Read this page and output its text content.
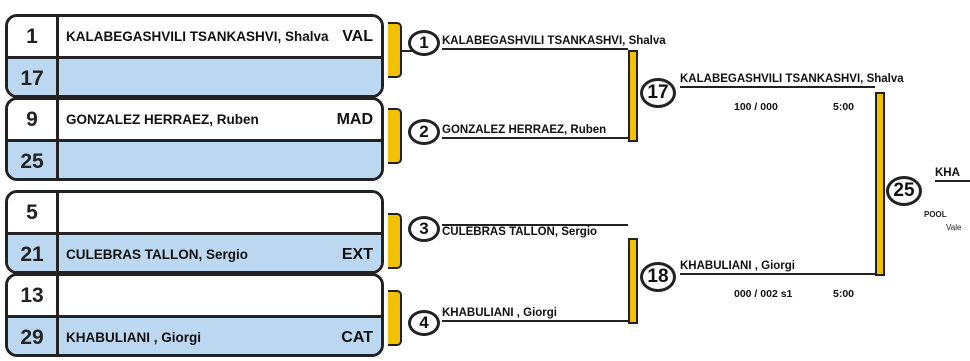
1	KALABEGASHVILI TSANKASHVI, Shalva VAL
17
9	GONZALEZ HERRAEZ, Ruben	MAD
25
5
21	CULEBRAS TALLON, Sergio	EXT
13
29	KHABULIANI , Giorgi	CAT
1	KALABEGASHVILI TSANKASHVI, Shalva
2	GONZALEZ HERRAEZ, Ruben
3	CULEBRAS TALLON, Sergio
4	KHABULIANI , Giorgi
17
KALABEGASHVILI TSANKASHVI, Shalva
100 / 000	5:00
18 KHABULIANI , Giorgi
000 / 002 s1	5:00
25
KHA
POOL
Vale
